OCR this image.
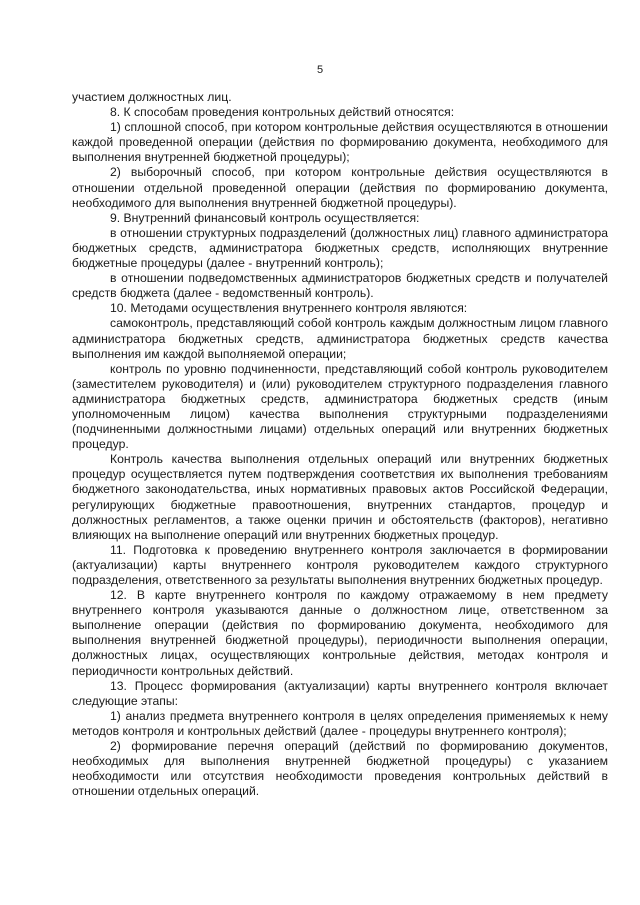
5

участием должностных лиц.

8. К способам проведения контрольных действий относятся:

1) сплошной способ, при котором контрольные действия осуществляются в отношении каждой проведенной операции (действия по формированию документа, необходимого для выполнения внутренней бюджетной процедуры);

2) выборочный способ, при котором контрольные действия осуществляются в отношении отдельной проведенной операции (действия по формированию документа, необходимого для выполнения внутренней бюджетной процедуры).

9. Внутренний финансовый контроль осуществляется:

в отношении структурных подразделений (должностных лиц) главного администратора бюджетных средств, администратора бюджетных средств, исполняющих внутренние бюджетные процедуры (далее - внутренний контроль);

в отношении подведомственных администраторов бюджетных средств и получателей средств бюджета (далее - ведомственный контроль).

10. Методами осуществления внутреннего контроля являются:

самоконтроль, представляющий собой контроль каждым должностным лицом главного администратора бюджетных средств, администратора бюджетных средств качества выполнения им каждой выполняемой операции;

контроль по уровню подчиненности, представляющий собой контроль руководителем (заместителем руководителя) и (или) руководителем структурного подразделения главного администратора бюджетных средств, администратора бюджетных средств (иным уполномоченным лицом) качества выполнения структурными подразделениями (подчиненными должностными лицами) отдельных операций или внутренних бюджетных процедур.

Контроль качества выполнения отдельных операций или внутренних бюджетных процедур осуществляется путем подтверждения соответствия их выполнения требованиям бюджетного законодательства, иных нормативных правовых актов Российской Федерации, регулирующих бюджетные правоотношения, внутренних стандартов, процедур и должностных регламентов, а также оценки причин и обстоятельств (факторов), негативно влияющих на выполнение операций или внутренних бюджетных процедур.

11. Подготовка к проведению внутреннего контроля заключается в формировании (актуализации) карты внутреннего контроля руководителем каждого структурного подразделения, ответственного за результаты выполнения внутренних бюджетных процедур.

12. В карте внутреннего контроля по каждому отражаемому в нем предмету внутреннего контроля указываются данные о должностном лице, ответственном за выполнение операции (действия по формированию документа, необходимого для выполнения внутренней бюджетной процедуры), периодичности выполнения операции, должностных лицах, осуществляющих контрольные действия, методах контроля и периодичности контрольных действий.

13. Процесс формирования (актуализации) карты внутреннего контроля включает следующие этапы:

1) анализ предмета внутреннего контроля в целях определения применяемых к нему методов контроля и контрольных действий (далее - процедуры внутреннего контроля);

2) формирование перечня операций (действий по формированию документов, необходимых для выполнения внутренней бюджетной процедуры) с указанием необходимости или отсутствия необходимости проведения контрольных действий в отношении отдельных операций.
